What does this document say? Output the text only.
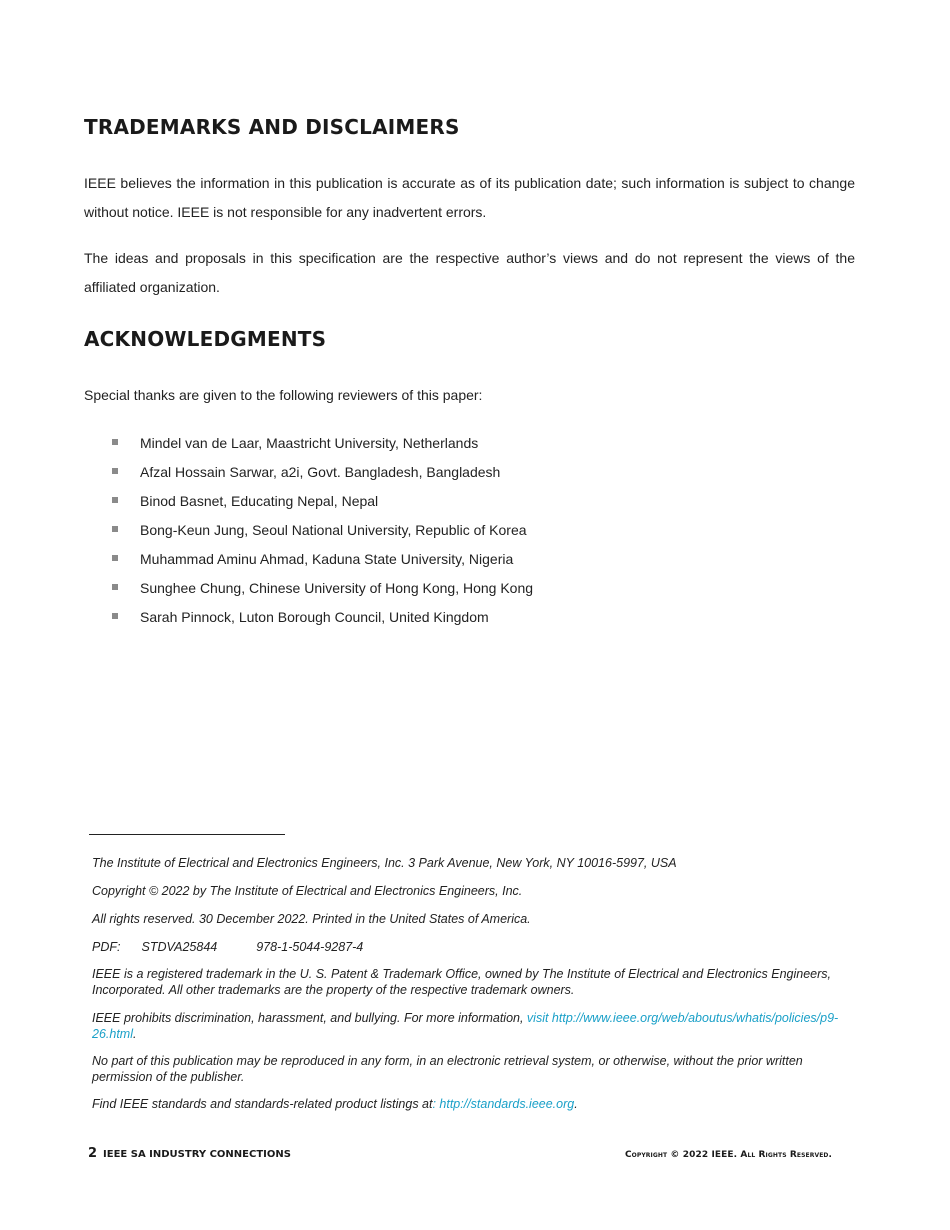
TRADEMARKS AND DISCLAIMERS

IEEE believes the information in this publication is accurate as of its publication date; such information is subject to change without notice. IEEE is not responsible for any inadvertent errors.

The ideas and proposals in this specification are the respective author’s views and do not represent the views of the affiliated organization.

ACKNOWLEDGMENTS

Special thanks are given to the following reviewers of this paper:

Mindel van de Laar, Maastricht University, Netherlands
Afzal Hossain Sarwar, a2i, Govt. Bangladesh, Bangladesh
Binod Basnet, Educating Nepal, Nepal
Bong-Keun Jung, Seoul National University, Republic of Korea
Muhammad Aminu Ahmad, Kaduna State University, Nigeria
Sunghee Chung, Chinese University of Hong Kong, Hong Kong
Sarah Pinnock, Luton Borough Council, United Kingdom

The Institute of Electrical and Electronics Engineers, Inc. 3 Park Avenue, New York, NY 10016-5997, USA

Copyright © 2022 by The Institute of Electrical and Electronics Engineers, Inc.

All rights reserved. 30 December 2022. Printed in the United States of America.

PDF: STDVA25844	978-1-5044-9287-4

IEEE is a registered trademark in the U. S. Patent & Trademark Office, owned by The Institute of Electrical and Electronics Engineers, Incorporated. All other trademarks are the property of the respective trademark owners.

IEEE prohibits discrimination, harassment, and bullying. For more information, visit http://www.ieee.org/web/aboutus/whatis/policies/p9-26.html.

No part of this publication may be reproduced in any form, in an electronic retrieval system, or otherwise, without the prior written permission of the publisher.

Find IEEE standards and standards-related product listings at: http://standards.ieee.org.

2 IEEE SA INDUSTRY CONNECTIONS	Copyright © 2022 IEEE. All Rights Reserved.
